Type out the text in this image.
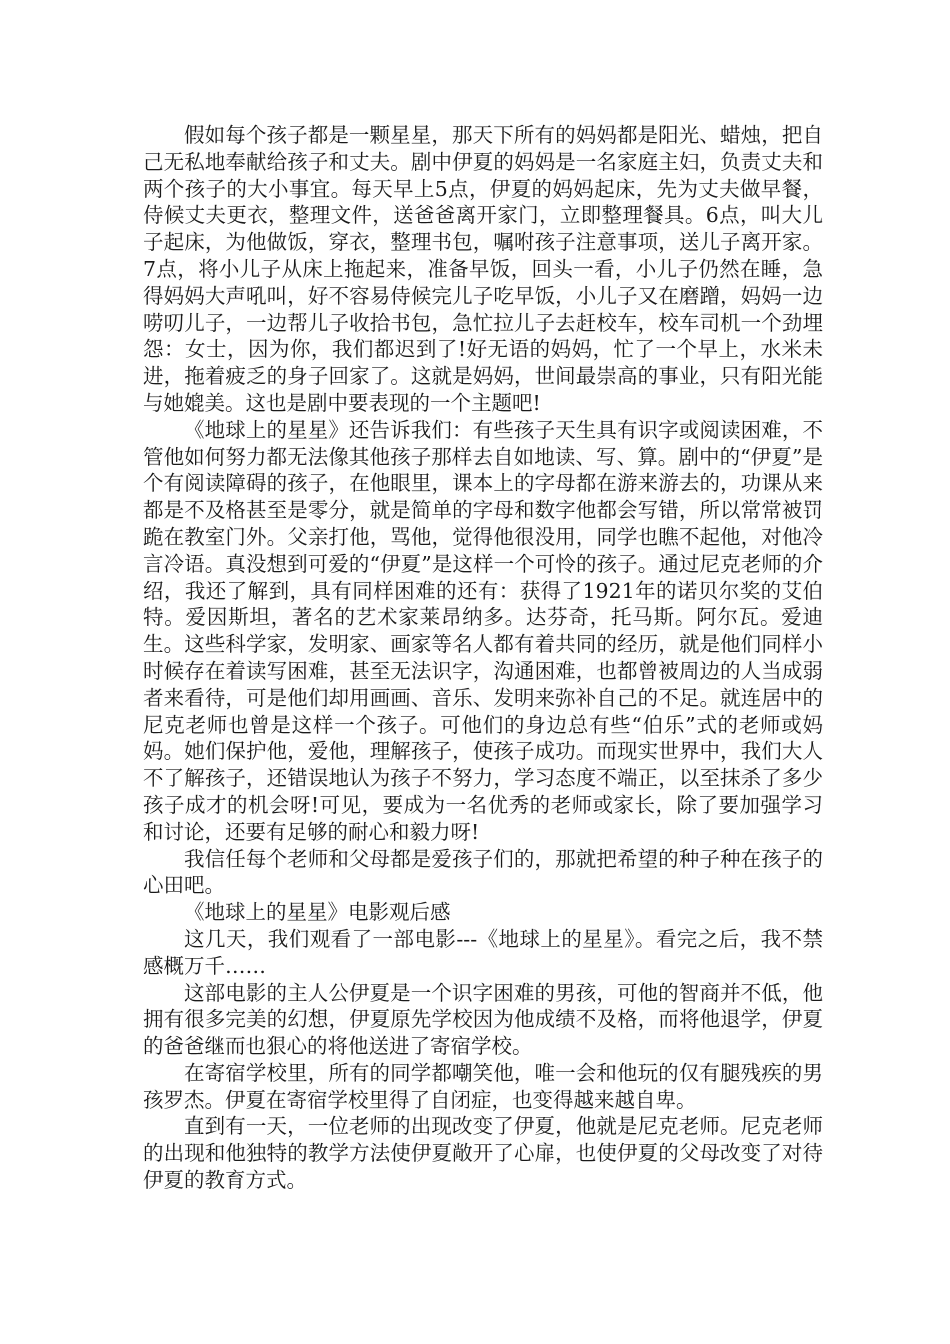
假如每个孩子都是一颗星星，那天下所有的妈妈都是阳光、蜡烛，把自己无私地奉献给孩子和丈夫。剧中伊夏的妈妈是一名家庭主妇，负责丈夫和两个孩子的大小事宜。每天早上5点，伊夏的妈妈起床，先为丈夫做早餐，侍候丈夫更衣，整理文件，送爸爸离开家门，立即整理餐具。6点，叫大儿子起床，为他做饭，穿衣，整理书包，嘱咐孩子注意事项，送儿子离开家。7点，将小儿子从床上拖起来，准备早饭，回头一看，小儿子仍然在睡，急得妈妈大声吼叫，好不容易侍候完儿子吃早饭，小儿子又在磨蹭，妈妈一边唠叨儿子，一边帮儿子收拾书包，急忙拉儿子去赶校车，校车司机一个劲埋怨：女士，因为你，我们都迟到了!好无语的妈妈，忙了一个早上，水米未进，拖着疲乏的身子回家了。这就是妈妈，世间最崇高的事业，只有阳光能与她媲美。这也是剧中要表现的一个主题吧!

《地球上的星星》还告诉我们：有些孩子天生具有识字或阅读困难，不管他如何努力都无法像其他孩子那样去自如地读、写、算。剧中的“伊夏”是个有阅读障碍的孩子，在他眼里，课本上的字母都在游来游去的，功课从来都是不及格甚至是零分，就是简单的字母和数字他都会写错，所以常常被罚跪在教室门外。父亲打他，骂他，觉得他很没用，同学也瞧不起他，对他冷言冷语。真没想到可爱的“伊夏”是这样一个可怜的孩子。通过尼克老师的介绍，我还了解到，具有同样困难的还有：获得了1921年的诺贝尔奖的艾伯特。爱因斯坦，著名的艺术家莱昂纳多。达芬奇，托马斯。阿尔瓦。爱迪生。这些科学家，发明家、画家等名人都有着共同的经历，就是他们同样小时候存在着读写困难，甚至无法识字，沟通困难，也都曾被周边的人当成弱者来看待，可是他们却用画画、音乐、发明来弥补自己的不足。就连居中的尼克老师也曾是这样一个孩子。可他们的身边总有些“伯乐”式的老师或妈妈。她们保护他，爱他，理解孩子，使孩子成功。而现实世界中，我们大人不了解孩子，还错误地认为孩子不努力，学习态度不端正，以至抹杀了多少孩子成才的机会呀!可见，要成为一名优秀的老师或家长，除了要加强学习和讨论，还要有足够的耐心和毅力呀!

我信任每个老师和父母都是爱孩子们的，那就把希望的种子种在孩子的心田吧。

《地球上的星星》电影观后感

这几天，我们观看了一部电影---《地球上的星星》。看完之后，我不禁感概万千……

这部电影的主人公伊夏是一个识字困难的男孩，可他的智商并不低，他拥有很多完美的幻想，伊夏原先学校因为他成绩不及格，而将他退学，伊夏的爸爸继而也狠心的将他送进了寄宿学校。

在寄宿学校里，所有的同学都嘲笑他，唯一会和他玩的仅有腿残疾的男孩罗杰。伊夏在寄宿学校里得了自闭症，也变得越来越自卑。

直到有一天，一位老师的出现改变了伊夏，他就是尼克老师。尼克老师的出现和他独特的教学方法使伊夏敞开了心扉，也使伊夏的父母改变了对待伊夏的教育方式。
